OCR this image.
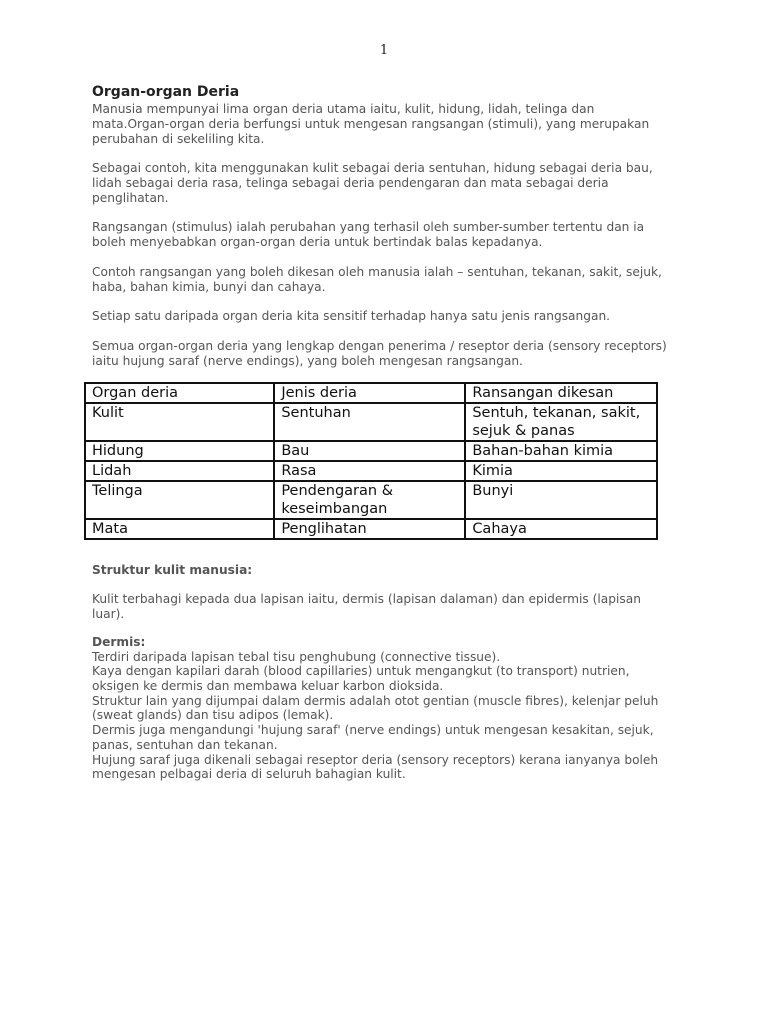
1
Organ-organ Deria

Manusia mempunyai lima organ deria utama iaitu, kulit, hidung, lidah, telinga dan mata.Organ-organ deria berfungsi untuk mengesan rangsangan (stimuli), yang merupakan perubahan di sekeliling kita.

Sebagai contoh, kita menggunakan kulit sebagai deria sentuhan, hidung sebagai deria bau, lidah sebagai deria rasa, telinga sebagai deria pendengaran dan mata sebagai deria penglihatan.

Rangsangan (stimulus) ialah perubahan yang terhasil oleh sumber-sumber tertentu dan ia boleh menyebabkan organ-organ deria untuk bertindak balas kepadanya.

Contoh rangsangan yang boleh dikesan oleh manusia ialah – sentuhan, tekanan, sakit, sejuk, haba, bahan kimia, bunyi dan cahaya.

Setiap satu daripada organ deria kita sensitif terhadap hanya satu jenis rangsangan.

Semua organ-organ deria yang lengkap dengan penerima / reseptor deria (sensory receptors) iaitu hujung saraf (nerve endings), yang boleh mengesan rangsangan.

Organ deria	Jenis deria	Ransangan dikesan
Kulit	Sentuhan	Sentuh, tekanan, sakit, sejuk & panas
Hidung	Bau	Bahan-bahan kimia
Lidah	Rasa	Kimia
Telinga	Pendengaran & keseimbangan	Bunyi
Mata	Penglihatan	Cahaya
Struktur kulit manusia:

Kulit terbahagi kepada dua lapisan iaitu, dermis (lapisan dalaman) dan epidermis (lapisan luar).

Dermis:
Terdiri daripada lapisan tebal tisu penghubung (connective tissue).
Kaya dengan kapilari darah (blood capillaries) untuk mengangkut (to transport) nutrien, oksigen ke dermis dan membawa keluar karbon dioksida.
Struktur lain yang dijumpai dalam dermis adalah otot gentian (muscle fibres), kelenjar peluh (sweat glands) dan tisu adipos (lemak).
Dermis juga mengandungi 'hujung saraf' (nerve endings) untuk mengesan kesakitan, sejuk, panas, sentuhan dan tekanan.
Hujung saraf juga dikenali sebagai reseptor deria (sensory receptors) kerana ianyanya boleh mengesan pelbagai deria di seluruh bahagian kulit.
